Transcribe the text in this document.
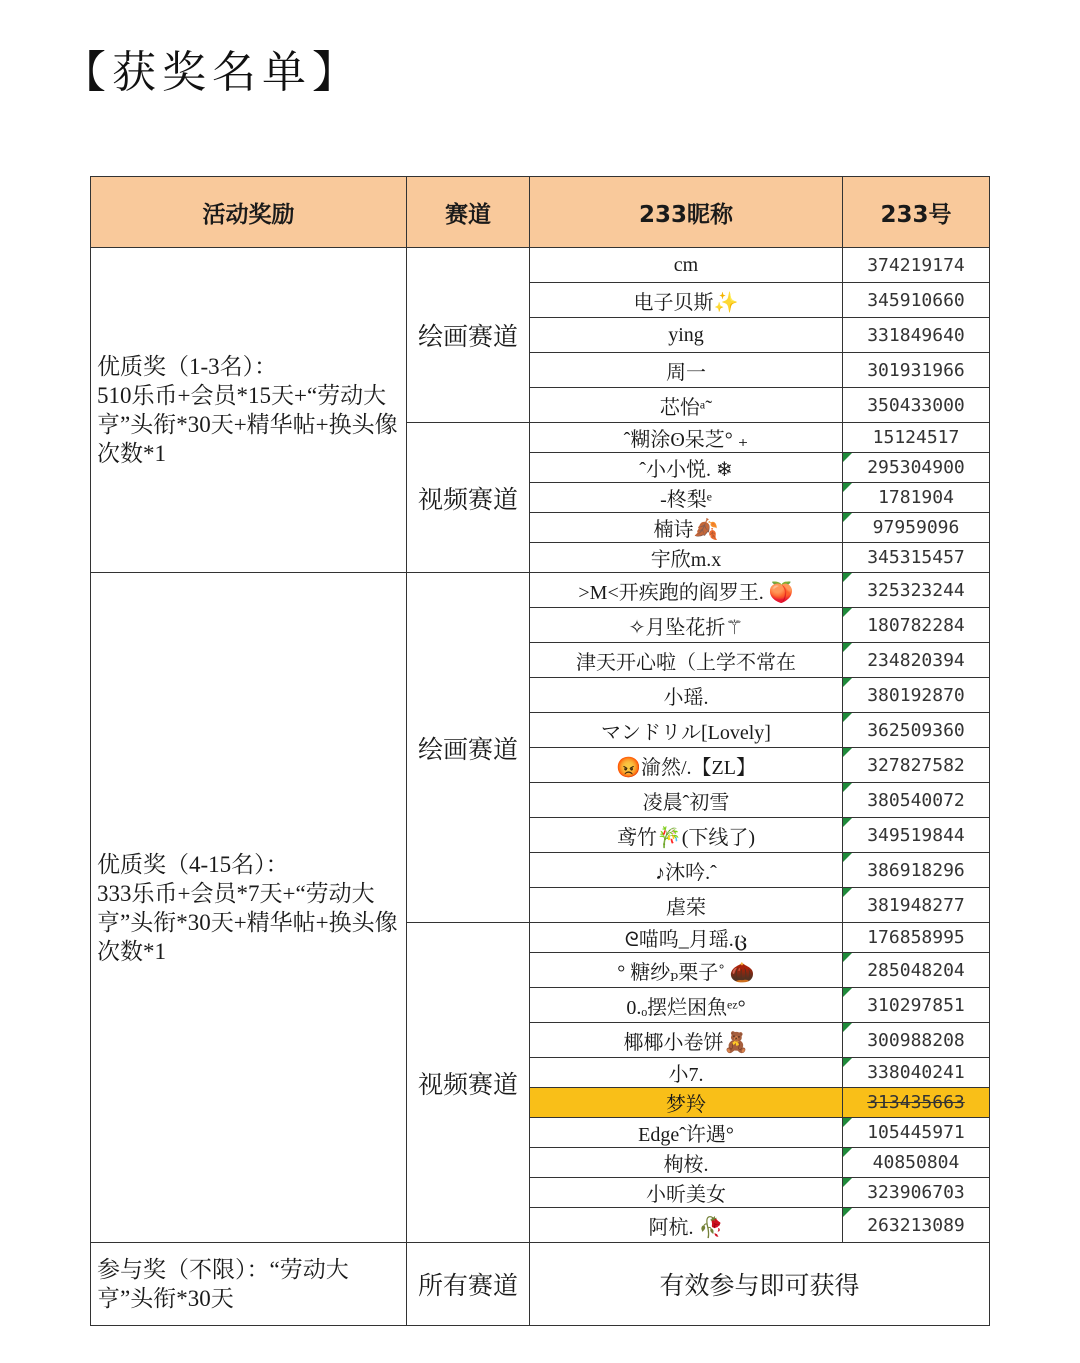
【获奖名单】
活动奖励	赛道	233昵称	233号
优质奖（1-3名）：
510乐币+会员*15天+“劳动大亨”头衔*30天+精华帖+换头像次数*1	绘画赛道	cm	374219174
		电子贝斯✨	345910660
		ying	331849640
		周一	301931966
		芯怡ᵃ˜	350433000
	视频赛道	ˆ糊涂ʘ呆芝° ₊	15124517
		ˆ小小悦. ❄	295304900
		-柊梨ᵉ	1781904
		楠诗🍂	97959096
		宇欣m.x	345315457
优质奖（4-15名）：
333乐币+会员*7天+“劳动大亨”头衔*30天+精华帖+换头像次数*1	绘画赛道	>M<开疾跑的阎罗王. 🍑	325323244
		✧月坠花折⚚	180782284
		津天开心啦（上学不常在	234820394
		小瑶.	380192870
		マンドリル[Lovely]	362509360
		😡渝然/.【ZL】	327827582
		凌晨ˆ初雪	380540072
		鸢竹🎋(下线了)	349519844
		♪沐吟.ˆ	386918296
		虐荣	381948277
	视频赛道	ᘓ喵呜_月瑶.ც	176858995
		° 糖纱ₚ栗子˚ 🌰	285048204
		0.ₒ摆烂困魚ᵉᶻ°	310297851
		椰椰小卷饼🧸	300988208
		小7.	338040241
		梦羚	313435663
		Edgeˆ许遇°	105445971
		栒桉.	40850804
		小昕美女	323906703
		阿杭. 🥀	263213089
参与奖（不限）：“劳动大亨”头衔*30天	所有赛道	有效参与即可获得	
